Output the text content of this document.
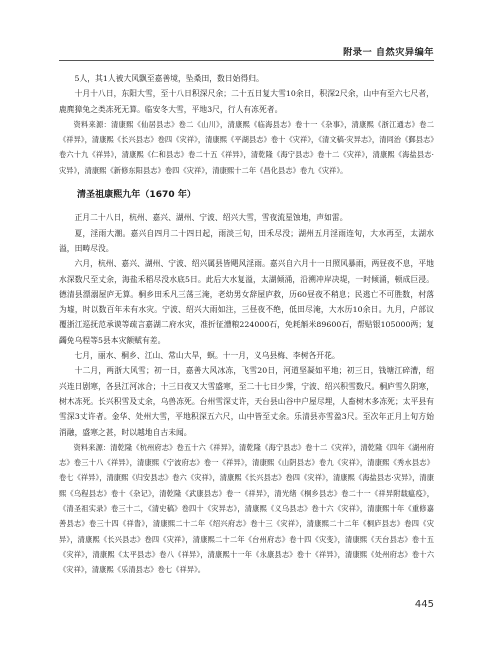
附录一 自然灾异编年

5人，其1人被大风飘至嘉善境，坠桑田，数日始得归。

十月十八日，东阳大雪，至十八日积深尺余；二十五日复大雪10余日，积深2尺余，山中有至六七尺者，鹿麂獐兔之类冻死无算。临安冬大雪，平地3尺，行人有冻死者。

资料来源：清康熙《仙居县志》卷二《山川》，清康熙《临海县志》卷十一《杂事》，清康熙《浙江通志》卷二《祥异》，清康熙《长兴县志》卷四《灾祥》，清康熙《平湖县志》卷十《灾祥》，《清文稿·灾异志》，清同治《鄞县志》卷六十九《祥异》，清康熙《仁和县志》卷二十五《祥异》，清乾隆《海宁县志》卷十二《灾祥》，清康熙《海盐县志·灾异》，清康熙《新修东阳县志》卷四《灾祥》，清康熙十二年《昌化县志》卷九《灾祥》。

清圣祖康熙九年（1670 年）

正月二十八日，杭州、嘉兴、湖州、宁波、绍兴大雪，雪夜流星蚀地，声如雷。

夏，淫雨大潮。嘉兴自四月二十四日起，雨淡三旬，田禾尽没；湖州五月淫雨连旬，大水再至，太湖水溢，田畴尽没。

六月，杭州、嘉兴、湖州、宁波、绍兴属县皆飓风淫雨。嘉兴自六月十一日照风暴雨，两昼夜不息，平地水深数尺至丈余，海盐禾稻尽没水底5日。此后大水复溢，太湖倾涌，沿溯冲岸决堤，一时倾涌，顿成巨浸。德清县漂溺屋庐无算。桐乡田禾凡三荡三淹，老幼男女辞屋庐救，历60昼夜不稍息；民逃亡不可胜数，村落为墟，时以数百年未有水灾。宁波、绍兴大雨如注，三昼夜不绝，低田尽淹，大水历10余日。九月，户部议覆浙江巡抚范承谟等疏言嘉湖二府水灾，准折征漕粮224000石，免耗斛米89600石，帮贴银105000两；复蠲免乌程等5县本灾额赋有差。

七月，丽水、桐乡、江山、常山大旱，螟。十一月，义乌县梅、李树各开花。

十二月，两浙大风雪；初一日，嘉善大风冰冻，飞雪20日，河道坚凝如平地；初三日，钱塘江碎漕，绍兴连日剧寒，各县江河冰合；十三日夜又大雪盛寒，至二十七日少霁，宁波、绍兴积雪数尺。桐庐雪久阴寒，树木冻死。长兴积雪及丈余，乌兽冻死。台州雪深丈许，天台县山谷中户屋尽埋，人畜树木多冻死；太平县有雪深3丈许者。金华、处州大雪，平地积深五六尺，山中皆至丈余。乐清县亦雪盈3尺。至次年正月上旬方始消融，盛寒之甚，时以越地自古未闻。

资料来源：清乾隆《杭州府志》卷五十六《祥异》，清乾隆《海宁县志》卷十二《灾祥》，清乾隆《四年《湖州府志》卷三十八《祥异》，清康熙《宁波府志》卷一《祥异》，清康熙《山阴县志》卷九《灾祥》，清康熙《秀水县志》卷七《祥异》，清康熙《归安县志》卷六《灾祥》，清康熙《长兴县志》卷四《灾祥》，清康熙《海盐县志·灾异》，清康熙《乌程县志》卷十《杂记》，清乾隆《武康县志》卷一《祥异》，清光绪《桐乡县志》卷二十一《祥异附载瘟疫》，《清圣祖实录》卷三十二，《清史稿》卷四十《灾异志》，清康熙《义乌县志》卷十六《灾祥》，清康熙十年《重修嘉善县志》卷三十四《祥眚》，清康熙二十二年《绍兴府志》卷十三《灾祥》，清康熙二十二年《桐庐县志》卷四《灾异》，清康熙《长兴县志》卷四《灾祥》，清康熙二十二年《台州府志》卷十四《灾变》，清康熙《天台县志》卷十五《灾祥》，清康熙《太平县志》卷八《祥异》，清康熙十一年《永康县志》卷十《祥异》，清康熙《处州府志》卷十六《灾祥》，清康熙《乐清县志》卷七《祥异》。

445
